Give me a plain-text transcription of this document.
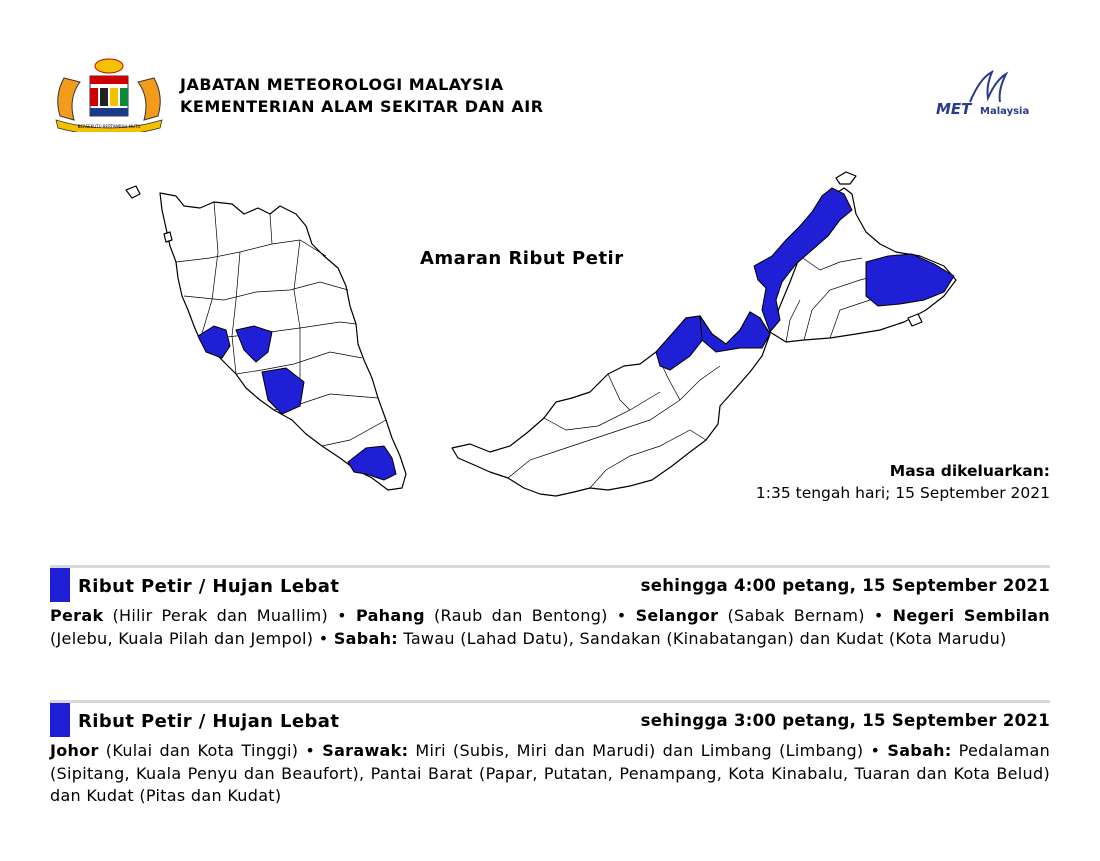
BERSEKUTU BERTAMBAH MUTU
JABATAN METEOROLOGI MALAYSIA
KEMENTERIAN ALAM SEKITAR DAN AIR	MET Malaysia
Amaran Ribut Petir
Masa dikeluarkan:
1:35 tengah hari; 15 September 2021
Ribut Petir / Hujan Lebat	sehingga 4:00 petang, 15 September 2021
Perak (Hilir Perak dan Muallim) • Pahang (Raub dan Bentong) • Selangor (Sabak Bernam) • Negeri Sembilan (Jelebu, Kuala Pilah dan Jempol) • Sabah: Tawau (Lahad Datu), Sandakan (Kinabatangan) dan Kudat (Kota Marudu)
Ribut Petir / Hujan Lebat	sehingga 3:00 petang, 15 September 2021
Johor (Kulai dan Kota Tinggi) • Sarawak: Miri (Subis, Miri dan Marudi) dan Limbang (Limbang) • Sabah: Pedalaman (Sipitang, Kuala Penyu dan Beaufort), Pantai Barat (Papar, Putatan, Penampang, Kota Kinabalu, Tuaran dan Kota Belud) dan Kudat (Pitas dan Kudat)
